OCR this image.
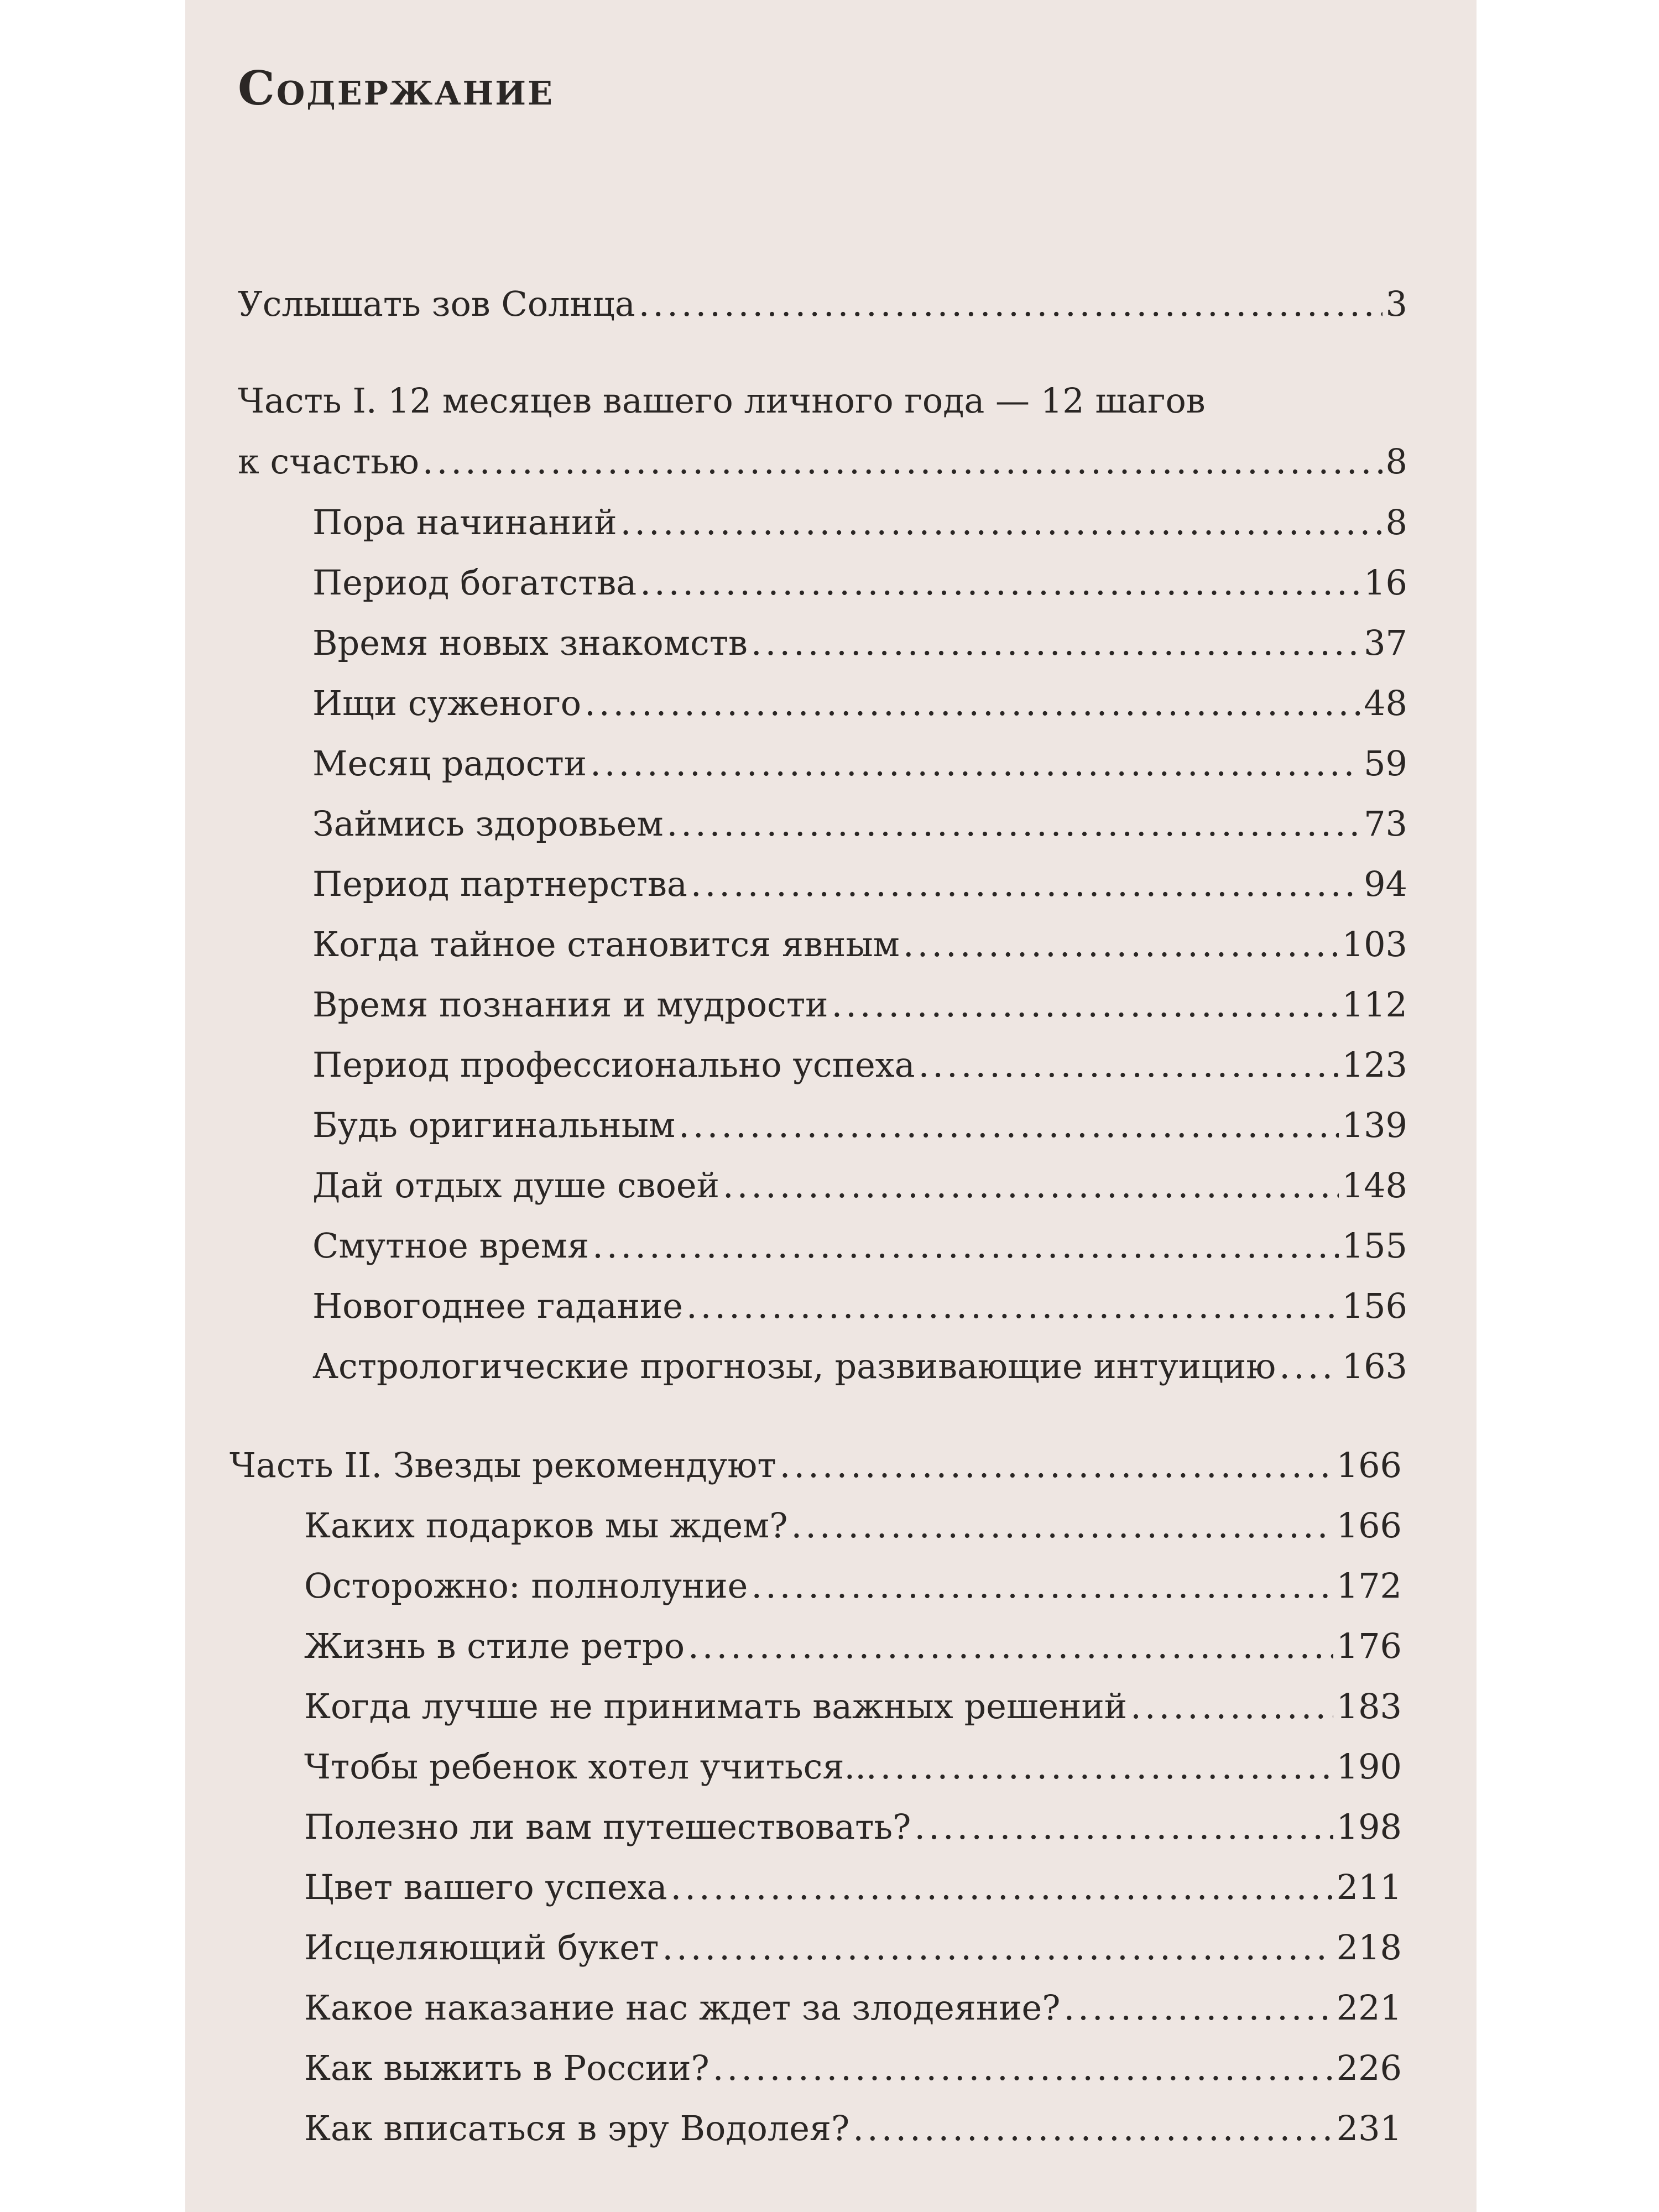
Содержание
Услышать зов Солнца .....	3
Часть I. 12 месяцев вашего личного года — 12 шагов
к счастью .....	8
Пора начинаний .....	8
Период богатства .....	16
Время новых знакомств .....	37
Ищи суженого .....	48
Месяц радости .....	59
Займись здоровьем .....	73
Период партнерства .....	94
Когда тайное становится явным .....	103
Время познания и мудрости .....	112
Период профессионально успеха .....	123
Будь оригинальным .....	139
Дай отдых душе своей .....	148
Смутное время .....	155
Новогоднее гадание .....	156
Астрологические прогнозы, развивающие интуицию ..... 163
Часть II. Звезды рекомендуют .....	166
Каких подарков мы ждем? .....	166
Осторожно: полнолуние .....	172
Жизнь в стиле ретро .....	176
Когда лучше не принимать важных решений .....	183
Чтобы ребенок хотел учиться... .....	190
Полезно ли вам путешествовать? .....	198
Цвет вашего успеха .....	211
Исцеляющий букет .....	218
Какое наказание нас ждет за злодеяние? .....	221
Как выжить в России? .....	226
Как вписаться в эру Водолея? .....	231
